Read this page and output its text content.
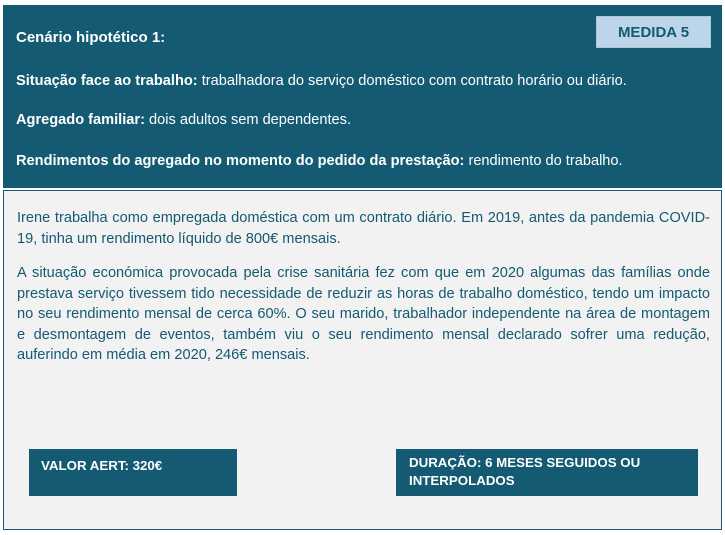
Cenário hipotético 1:	MEDIDA 5
Situação face ao trabalho: trabalhadora do serviço doméstico com contrato horário ou diário.
Agregado familiar: dois adultos sem dependentes.
Rendimentos do agregado no momento do pedido da prestação: rendimento do trabalho.

Irene trabalha como empregada doméstica com um contrato diário. Em 2019, antes da pandemia COVID-19, tinha um rendimento líquido de 800€ mensais.

A situação económica provocada pela crise sanitária fez com que em 2020 algumas das famílias onde prestava serviço tivessem tido necessidade de reduzir as horas de trabalho doméstico, tendo um impacto no seu rendimento mensal de cerca 60%. O seu marido, trabalhador independente na área de montagem e desmontagem de eventos, também viu o seu rendimento mensal declarado sofrer uma redução, auferindo em média em 2020, 246€ mensais.

VALOR AERT: 320€	DURAÇÃO: 6 MESES SEGUIDOS OU INTERPOLADOS
